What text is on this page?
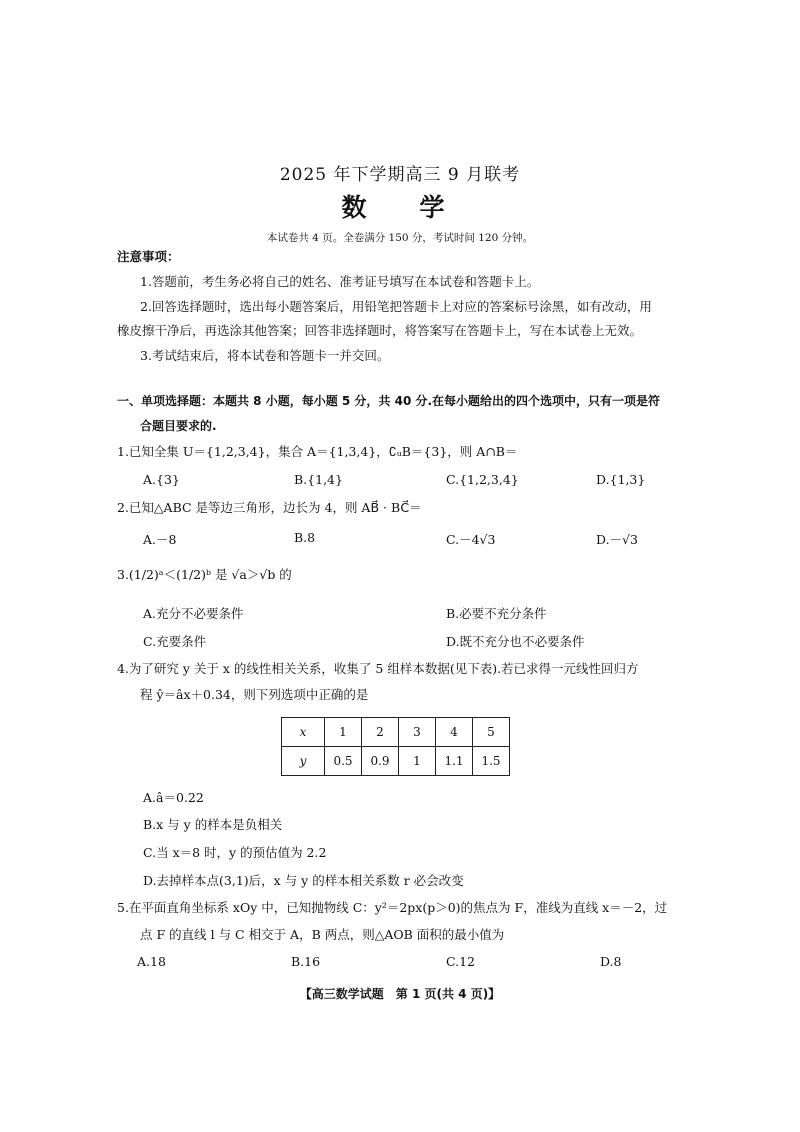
2025 年下学期高三 9 月联考
数　学
本试卷共 4 页。全卷满分 150 分，考试时间 120 分钟。
注意事项：
1.答题前，考生务必将自己的姓名、准考证号填写在本试卷和答题卡上。
2.回答选择题时，选出每小题答案后，用铅笔把答题卡上对应的答案标号涂黑，如有改动，用
橡皮擦干净后，再选涂其他答案；回答非选择题时，将答案写在答题卡上，写在本试卷上无效。
3.考试结束后，将本试卷和答题卡一并交回。
一、单项选择题：本题共 8 小题，每小题 5 分，共 40 分.在每小题给出的四个选项中，只有一项是符
合题目要求的.
1.已知全集 U＝{1,2,3,4}，集合 A＝{1,3,4}，∁ᵤB＝{3}，则 A∩B＝
A.{3}	B.{1,4}	C.{1,2,3,4}	D.{1,3}
2.已知△ABC 是等边三角形，边长为 4，则 AB⃗ · BC⃗＝
A.－8	B.8	C.－4√3	D.－√3
3.(1/2)ᵃ＜(1/2)ᵇ 是 √a＞√b 的
A.充分不必要条件	B.必要不充分条件
C.充要条件	D.既不充分也不必要条件
4.为了研究 y 关于 x 的线性相关关系，收集了 5 组样本数据(见下表).若已求得一元线性回归方
程 ŷ＝âx＋0.34，则下列选项中正确的是
x	1	2	3	4	5
y	0.5	0.9	1	1.1	1.5
A.â＝0.22
B.x 与 y 的样本是负相关
C.当 x＝8 时，y 的预估值为 2.2
D.去掉样本点(3,1)后，x 与 y 的样本相关系数 r 必会改变
5.在平面直角坐标系 xOy 中，已知抛物线 C：y²＝2px(p＞0)的焦点为 F，准线为直线 x＝－2，过
点 F 的直线 l 与 C 相交于 A，B 两点，则△AOB 面积的最小值为
A.18	B.16	C.12	D.8
【高三数学试题　第 1 页(共 4 页)】
